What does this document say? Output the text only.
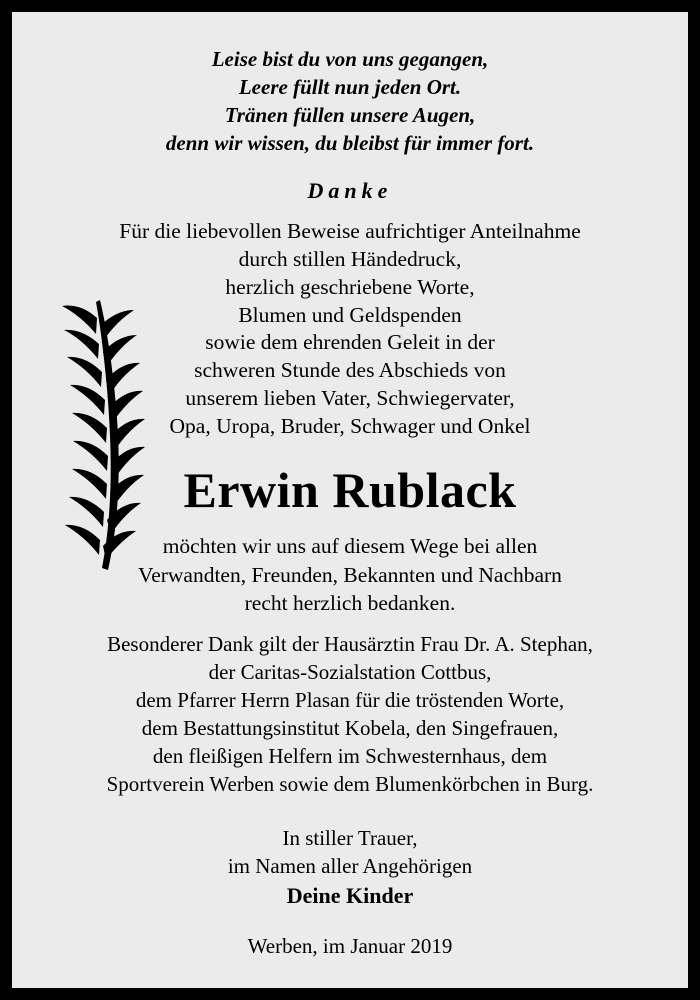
Leise bist du von uns gegangen,
Leere füllt nun jeden Ort.
Tränen füllen unsere Augen,
denn wir wissen, du bleibst für immer fort.
Danke
Für die liebevollen Beweise aufrichtiger Anteilnahme
durch stillen Händedruck,
herzlich geschriebene Worte,
Blumen und Geldspenden
sowie dem ehrenden Geleit in der
schweren Stunde des Abschieds von
unserem lieben Vater, Schwiegervater,
Opa, Uropa, Bruder, Schwager und Onkel
Erwin Rublack
möchten wir uns auf diesem Wege bei allen
Verwandten, Freunden, Bekannten und Nachbarn
recht herzlich bedanken.
Besonderer Dank gilt der Hausärztin Frau Dr. A. Stephan,
der Caritas-Sozialstation Cottbus,
dem Pfarrer Herrn Plasan für die tröstenden Worte,
dem Bestattungsinstitut Kobela, den Singefrauen,
den fleißigen Helfern im Schwesternhaus, dem
Sportverein Werben sowie dem Blumenkörbchen in Burg.
In stiller Trauer,
im Namen aller Angehörigen
Deine Kinder
Werben, im Januar 2019
